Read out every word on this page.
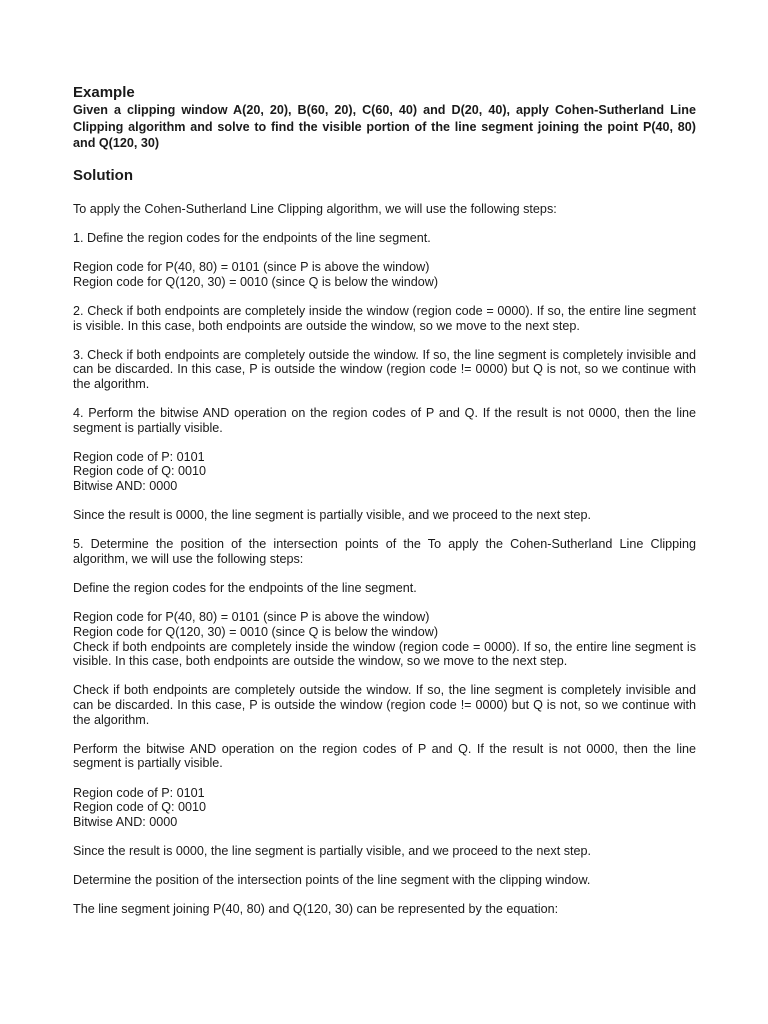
Example

Given a clipping window A(20, 20), B(60, 20), C(60, 40) and D(20, 40), apply Cohen-Sutherland Line Clipping algorithm and solve to find the visible portion of the line segment joining the point P(40, 80) and Q(120, 30)

Solution
To apply the Cohen-Sutherland Line Clipping algorithm, we will use the following steps:
1. Define the region codes for the endpoints of the line segment.
Region code for P(40, 80) = 0101 (since P is above the window)
Region code for Q(120, 30) = 0010 (since Q is below the window)
2. Check if both endpoints are completely inside the window (region code = 0000). If so, the entire line segment is visible. In this case, both endpoints are outside the window, so we move to the next step.
3. Check if both endpoints are completely outside the window. If so, the line segment is completely invisible and can be discarded. In this case, P is outside the window (region code != 0000) but Q is not, so we continue with the algorithm.
4. Perform the bitwise AND operation on the region codes of P and Q. If the result is not 0000, then the line segment is partially visible.
Region code of P: 0101
Region code of Q: 0010
Bitwise AND: 0000
Since the result is 0000, the line segment is partially visible, and we proceed to the next step.
5. Determine the position of the intersection points of the To apply the Cohen-Sutherland Line Clipping algorithm, we will use the following steps:
Define the region codes for the endpoints of the line segment.
Region code for P(40, 80) = 0101 (since P is above the window)
Region code for Q(120, 30) = 0010 (since Q is below the window)
Check if both endpoints are completely inside the window (region code = 0000). If so, the entire line segment is visible. In this case, both endpoints are outside the window, so we move to the next step.
Check if both endpoints are completely outside the window. If so, the line segment is completely invisible and can be discarded. In this case, P is outside the window (region code != 0000) but Q is not, so we continue with the algorithm.
Perform the bitwise AND operation on the region codes of P and Q. If the result is not 0000, then the line segment is partially visible.
Region code of P: 0101
Region code of Q: 0010
Bitwise AND: 0000
Since the result is 0000, the line segment is partially visible, and we proceed to the next step.
Determine the position of the intersection points of the line segment with the clipping window.
The line segment joining P(40, 80) and Q(120, 30) can be represented by the equation:
